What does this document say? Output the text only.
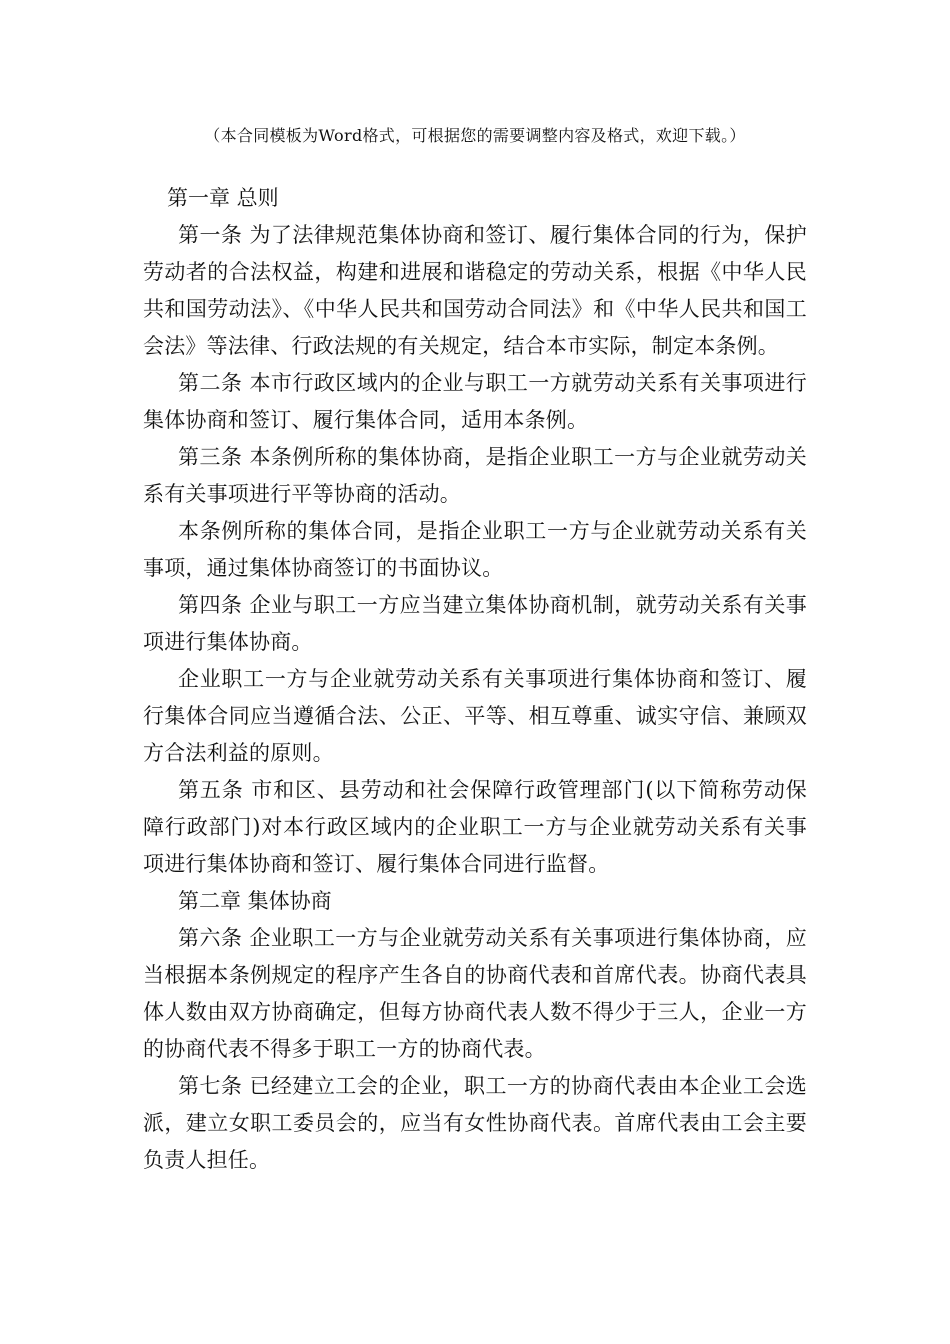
（本合同模板为Word格式，可根据您的需要调整内容及格式，欢迎下载。）
第一章 总则

第一条 为了法律规范集体协商和签订、履行集体合同的行为，保护劳动者的合法权益，构建和进展和谐稳定的劳动关系，根据《中华人民共和国劳动法》、《中华人民共和国劳动合同法》和《中华人民共和国工会法》等法律、行政法规的有关规定，结合本市实际，制定本条例。

第二条 本市行政区域内的企业与职工一方就劳动关系有关事项进行集体协商和签订、履行集体合同，适用本条例。

第三条 本条例所称的集体协商，是指企业职工一方与企业就劳动关系有关事项进行平等协商的活动。

本条例所称的集体合同，是指企业职工一方与企业就劳动关系有关事项，通过集体协商签订的书面协议。

第四条 企业与职工一方应当建立集体协商机制，就劳动关系有关事项进行集体协商。

企业职工一方与企业就劳动关系有关事项进行集体协商和签订、履行集体合同应当遵循合法、公正、平等、相互尊重、诚实守信、兼顾双方合法利益的原则。

第五条 市和区、县劳动和社会保障行政管理部门(以下简称劳动保障行政部门)对本行政区域内的企业职工一方与企业就劳动关系有关事项进行集体协商和签订、履行集体合同进行监督。

第二章 集体协商

第六条 企业职工一方与企业就劳动关系有关事项进行集体协商，应当根据本条例规定的程序产生各自的协商代表和首席代表。协商代表具体人数由双方协商确定，但每方协商代表人数不得少于三人，企业一方的协商代表不得多于职工一方的协商代表。

第七条 已经建立工会的企业，职工一方的协商代表由本企业工会选派，建立女职工委员会的，应当有女性协商代表。首席代表由工会主要负责人担任。
